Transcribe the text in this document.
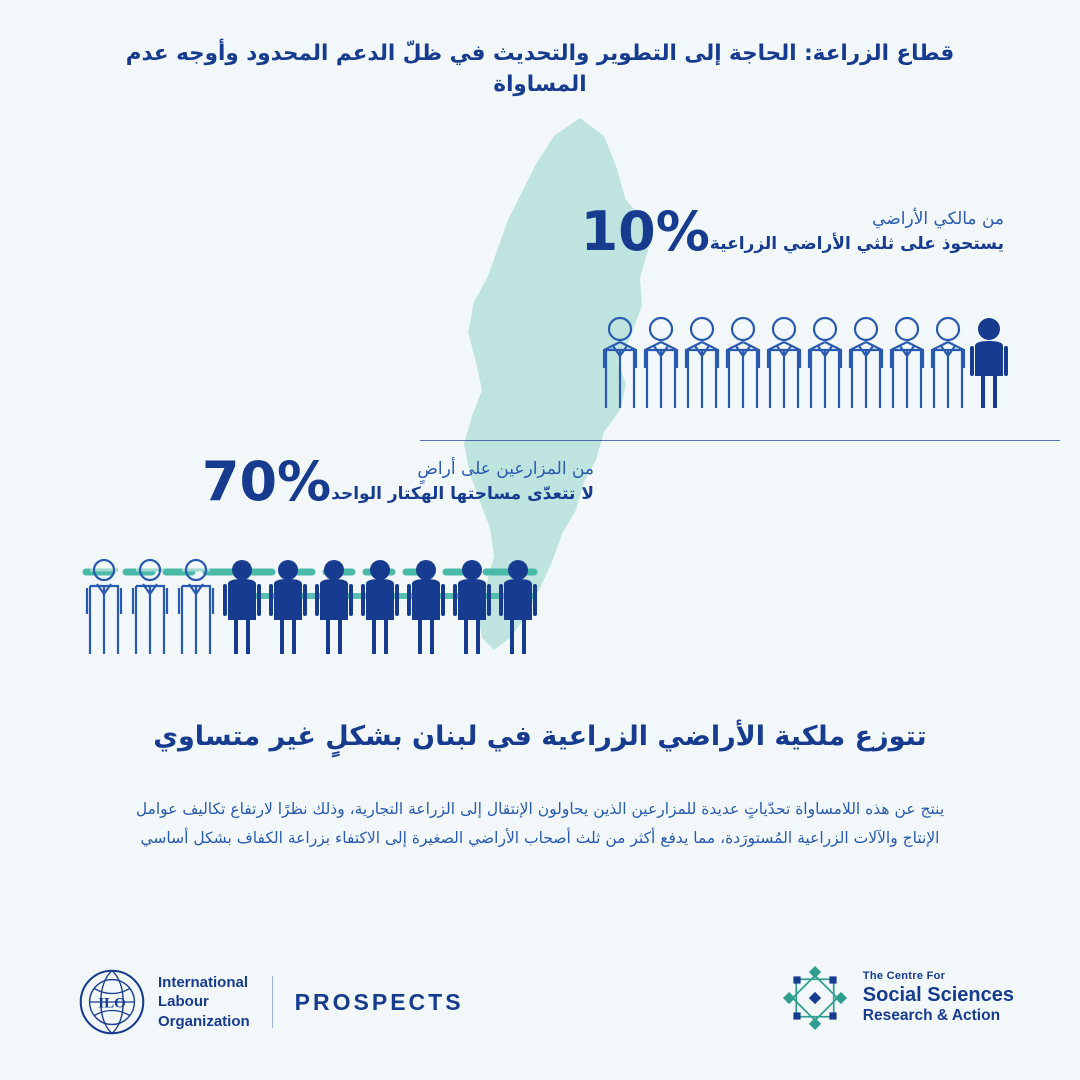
قطاع الزراعة: الحاجة إلى التطوير والتحديث في ظلّ الدعم المحدود وأوجه عدم المساواة
من مالكي الأراضي
يستحوذ على ثلثي الأراضي الزراعية
10%
70%	من المزارعين على أراضٍ
لا تتعدّى مساحتها الهكتار الواحد
تتوزع ملكية الأراضي الزراعية في لبنان بشكلٍ غير متساوي
ينتج عن هذه اللامساواة تحدّياتٍ عديدة للمزارعين الذين يحاولون الإنتقال إلى الزراعة التجارية، وذلك نظرًا لارتفاع تكاليف عوامل الإنتاج والآلات الزراعية المُستورَدة، مما يدفع أكثر من ثلث أصحاب الأراضي الصغيرة إلى الاكتفاء بزراعة الكفاف بشكل أساسي
ILO
International
Labour
Organization
PROSPECTS
The Centre For
Social Sciences
Research & Action
